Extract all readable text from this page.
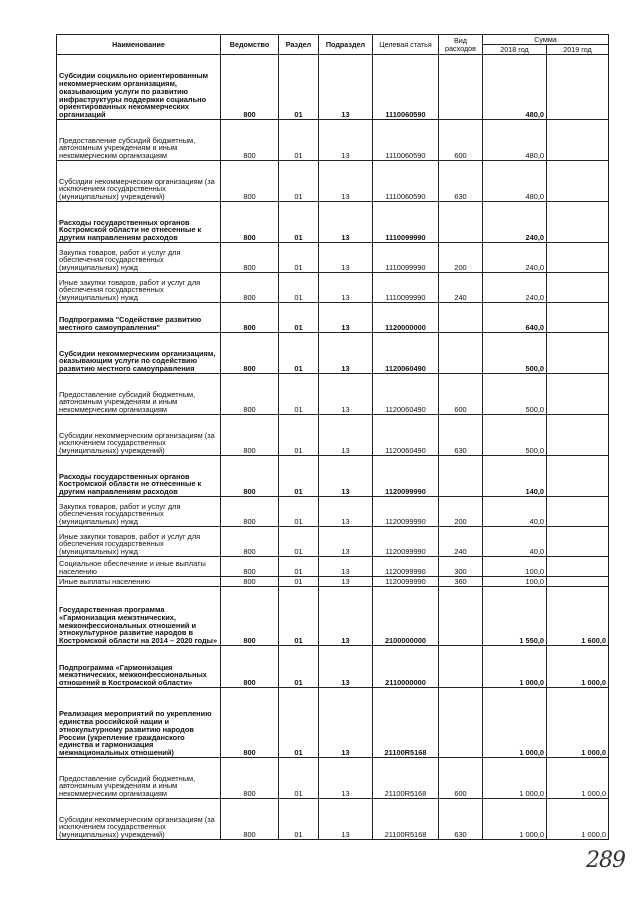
Наименование	Ведомство	Раздел	Подраздел	Целевая статья	Вид расходов	Сумма	
						2018 год	2019 год
Субсидии социально ориентированным некоммерческим организациям, оказывающим услуги по развитию инфраструктуры поддержки социально ориентированных некоммерческих организаций	800	01	13	1110060590		480,0	
Предоставление субсидий бюджетным, автономным учреждениям и иным некоммерческим организациям	800	01	13	1110060590	600	480,0	
Субсидии некоммерческим организациям (за исключением государственных (муниципальных) учреждений)	800	01	13	1110060590	630	480,0	
Расходы государственных органов Костромской области не отнесенные к другим направлениям расходов	800	01	13	1110099990		240,0	
Закупка товаров, работ и услуг для обеспечения государственных (муниципальных) нужд	800	01	13	1110099990	200	240,0	
Иные закупки товаров, работ и услуг для обеспечения государственных (муниципальных) нужд	800	01	13	1110099990	240	240,0	
Подпрограмма "Содействие развитию местного самоуправления"	800	01	13	1120000000		640,0	
Субсидии некоммерческим организациям, оказывающим услуги по содействию развитию местного самоуправления	800	01	13	1120060490		500,0	
Предоставление субсидий бюджетным, автономным учреждениям и иным некоммерческим организациям	800	01	13	1120060490	600	500,0	
Субсидии некоммерческим организациям (за исключением государственных (муниципальных) учреждений)	800	01	13	1120060490	630	500,0	
Расходы государственных органов Костромской области не отнесенные к другим направлениям расходов	800	01	13	1120099990		140,0	
Закупка товаров, работ и услуг для обеспечения государственных (муниципальных) нужд	800	01	13	1120099990	200	40,0	
Иные закупки товаров, работ и услуг для обеспечения государственных (муниципальных) нужд	800	01	13	1120099990	240	40,0	
Социальное обеспечение и иные выплаты населению	800	01	13	1120099990	300	100,0	
Иные выплаты населению	800	01	13	1120099990	360	100,0	
Государственная программа «Гармонизация межэтнических, межконфессиональных отношений и этнокультурное развитие народов в Костромской области на 2014 – 2020 годы»	800	01	13	2100000000		1 550,0	1 600,0
Подпрограмма «Гармонизация межэтнических, межконфессиональных отношений в Костромской области»	800	01	13	2110000000		1 000,0	1 000,0
Реализация мероприятий по укреплению единства российской нации и этнокультурному развитию народов России (укрепление гражданского единства и гармонизация межнациональных отношений)	800	01	13	21100R5168		1 000,0	1 000,0
Предоставление субсидий бюджетным, автономным учреждениям и иным некоммерческим организациям	800	01	13	21100R5168	600	1 000,0	1 000,0
Субсидии некоммерческим организациям (за исключением государственных (муниципальных) учреждений)	800	01	13	21100R5168	630	1 000,0	1 000,0
289
